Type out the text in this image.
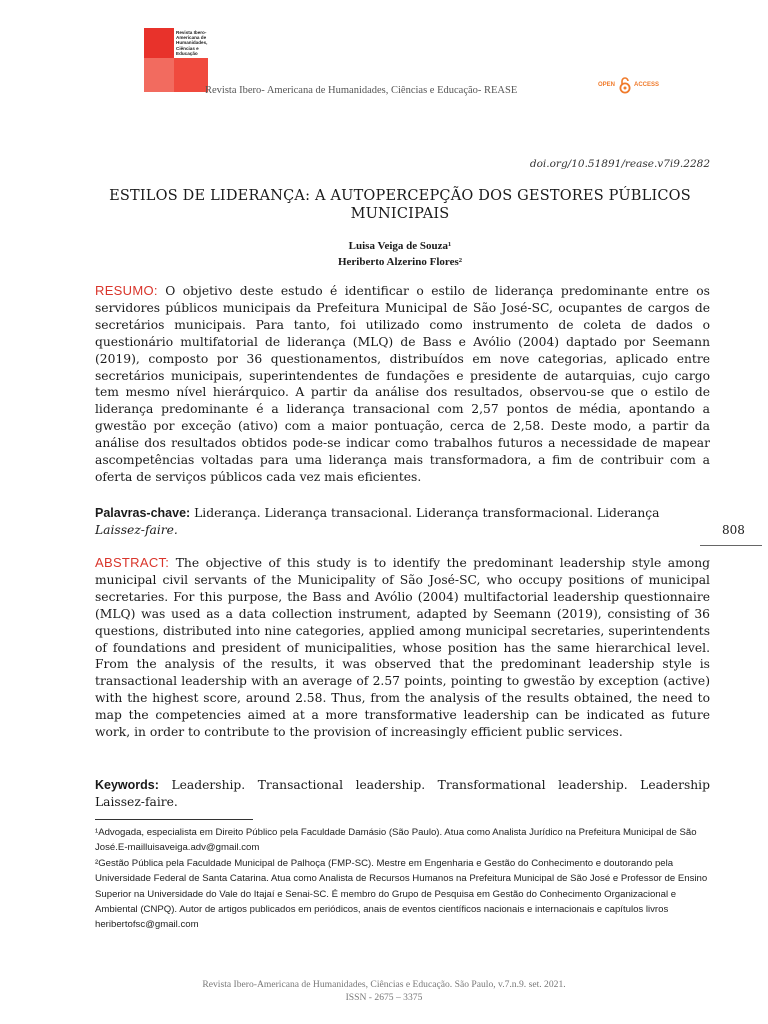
Revista Ibero-Americana de Humanidades, Ciências e Educação
Revista Ibero- Americana de Humanidades, Ciências e Educação- REASE	OPEN	ACCESS
doi.org/10.51891/rease.v7i9.2282
ESTILOS DE LIDERANÇA: A AUTOPERCEPÇÃO DOS GESTORES PÚBLICOS MUNICIPAIS
Luisa Veiga de Souza¹
Heriberto Alzerino Flores²

RESUMO: O objetivo deste estudo é identificar o estilo de liderança predominante entre os servidores públicos municipais da Prefeitura Municipal de São José-SC, ocupantes de cargos de secretários municipais. Para tanto, foi utilizado como instrumento de coleta de dados o questionário multifatorial de liderança (MLQ) de Bass e Avólio (2004) daptado por Seemann (2019), composto por 36 questionamentos, distribuídos em nove categorias, aplicado entre secretários municipais, superintendentes de fundações e presidente de autarquias, cujo cargo tem mesmo nível hierárquico. A partir da análise dos resultados, observou-se que o estilo de liderança predominante é a liderança transacional com 2,57 pontos de média, apontando a gwestão por exceção (ativo) com a maior pontuação, cerca de 2,58. Deste modo, a partir da análise dos resultados obtidos pode-se indicar como trabalhos futuros a necessidade de mapear ascompetências voltadas para uma liderança mais transformadora, a fim de contribuir com a oferta de serviços públicos cada vez mais eficientes.

Palavras-chave: Liderança. Liderança transacional. Liderança transformacional. Liderança
Laissez-faire.	808

ABSTRACT: The objective of this study is to identify the predominant leadership style among municipal civil servants of the Municipality of São José-SC, who occupy positions of municipal secretaries. For this purpose, the Bass and Avólio (2004) multifactorial leadership questionnaire (MLQ) was used as a data collection instrument, adapted by Seemann (2019), consisting of 36 questions, distributed into nine categories, applied among municipal secretaries, superintendents of foundations and president of municipalities, whose position has the same hierarchical level. From the analysis of the results, it was observed that the predominant leadership style is transactional leadership with an average of 2.57 points, pointing to gwestão by exception (active) with the highest score, around 2.58. Thus, from the analysis of the results obtained, the need to map the competencies aimed at a more transformative leadership can be indicated as future work, in order to contribute to the provision of increasingly efficient public services.

Keywords: Leadership. Transactional leadership. Transformational leadership. Leadership Laissez-faire.

¹Advogada, especialista em Direito Público pela Faculdade Damásio (São Paulo). Atua como Analista Jurídico na Prefeitura Municipal de São José.E-mailluisaveiga.adv@gmail.com

²Gestão Pública pela Faculdade Municipal de Palhoça (FMP-SC). Mestre em Engenharia e Gestão do Conhecimento e doutorando pela Universidade Federal de Santa Catarina. Atua como Analista de Recursos Humanos na Prefeitura Municipal de São José e Professor de Ensino Superior na Universidade do Vale do Itajaí e Senai-SC. É membro do Grupo de Pesquisa em Gestão do Conhecimento Organizacional e Ambiental (CNPQ). Autor de artigos publicados em periódicos, anais de eventos científicos nacionais e internacionais e capítulos livros heribertofsc@gmail.com

Revista Ibero-Americana de Humanidades, Ciências e Educação. São Paulo, v.7.n.9. set. 2021.
ISSN - 2675 – 3375
